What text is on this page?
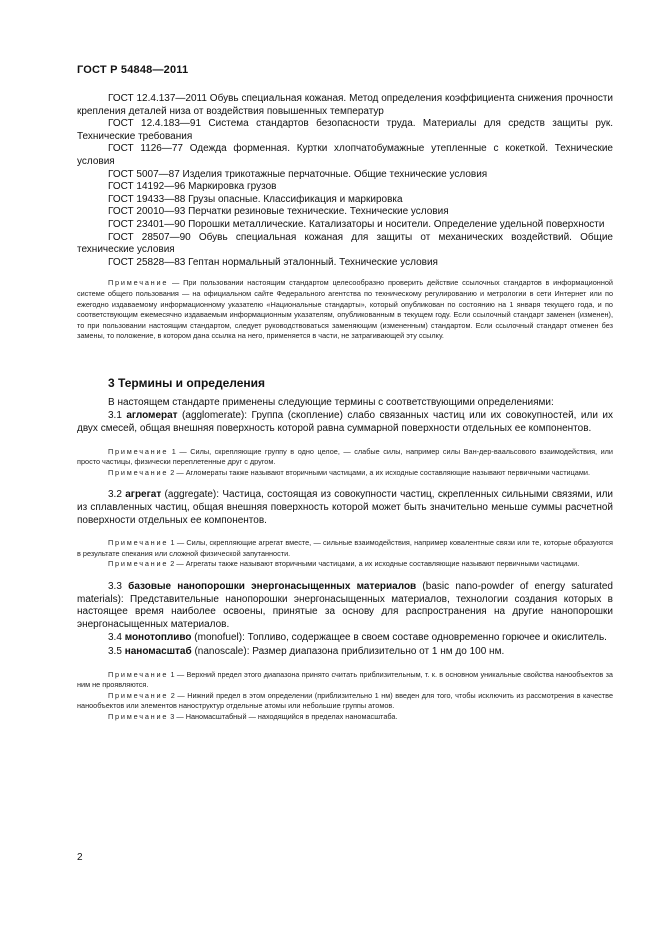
ГОСТ Р 54848—2011

ГОСТ 12.4.137—2011 Обувь специальная кожаная. Метод определения коэффициента снижения прочности крепления деталей низа от воздействия повышенных температур

ГОСТ 12.4.183—91 Система стандартов безопасности труда. Материалы для средств защиты рук. Технические требования

ГОСТ 1126—77 Одежда форменная. Куртки хлопчатобумажные утепленные с кокеткой. Технические условия

ГОСТ 5007—87 Изделия трикотажные перчаточные. Общие технические условия

ГОСТ 14192—96 Маркировка грузов

ГОСТ 19433—88 Грузы опасные. Классификация и маркировка

ГОСТ 20010—93 Перчатки резиновые технические. Технические условия

ГОСТ 23401—90 Порошки металлические. Катализаторы и носители. Определение удельной поверхности

ГОСТ 28507—90 Обувь специальная кожаная для защиты от механических воздействий. Общие технические условия

ГОСТ 25828—83 Гептан нормальный эталонный. Технические условия

Примечание — При пользовании настоящим стандартом целесообразно проверить действие ссылочных стандартов в информационной системе общего пользования — на официальном сайте Федерального агентства по техническому регулированию и метрологии в сети Интернет или по ежегодно издаваемому информационному указателю «Национальные стандарты», который опубликован по состоянию на 1 января текущего года, и по соответствующим ежемесячно издаваемым информационным указателям, опубликованным в текущем году. Если ссылочный стандарт заменен (изменен), то при пользовании настоящим стандартом, следует руководствоваться заменяющим (измененным) стандартом. Если ссылочный стандарт отменен без замены, то положение, в котором дана ссылка на него, применяется в части, не затрагивающей эту ссылку.

3 Термины и определения

В настоящем стандарте применены следующие термины с соответствующими определениями:

3.1 агломерат (agglomerate): Группа (скопление) слабо связанных частиц или их совокупностей, или их двух смесей, общая внешняя поверхность которой равна суммарной поверхности отдельных ее компонентов.

Примечание 1 — Силы, скрепляющие группу в одно целое, — слабые силы, например силы Ван-дер-ваальсового взаимодействия, или просто частицы, физически переплетенные друг с другом.

Примечание 2 — Агломераты также называют вторичными частицами, а их исходные составляющие называют первичными частицами.

3.2 агрегат (aggregate): Частица, состоящая из совокупности частиц, скрепленных сильными связями, или из сплавленных частиц, общая внешняя поверхность которой может быть значительно меньше суммы расчетной поверхности отдельных ее компонентов.

Примечание 1 — Силы, скрепляющие агрегат вместе, — сильные взаимодействия, например ковалентные связи или те, которые образуются в результате спекания или сложной физической запутанности.

Примечание 2 — Агрегаты также называют вторичными частицами, а их исходные составляющие называют первичными частицами.

3.3 базовые нанопорошки энергонасыщенных материалов (basic nano-powder of energy saturated materials): Представительные нанопорошки энергонасыщенных материалов, технологии создания которых в настоящее время наиболее освоены, принятые за основу для распространения на другие нанопорошки энергонасыщенных материалов.

3.4 монотопливо (monofuel): Топливо, содержащее в своем составе одновременно горючее и окислитель.

3.5 наномасштаб (nanoscale): Размер диапазона приблизительно от 1 нм до 100 нм.

Примечание 1 — Верхний предел этого диапазона принято считать приблизительным, т. к. в основном уникальные свойства нанообъектов за ним не проявляются.

Примечание 2 — Нижний предел в этом определении (приблизительно 1 нм) введен для того, чтобы исключить из рассмотрения в качестве нанообъектов или элементов наноструктур отдельные атомы или небольшие группы атомов.

Примечание 3 — Наномасштабный — находящийся в пределах наномасштаба.

2
